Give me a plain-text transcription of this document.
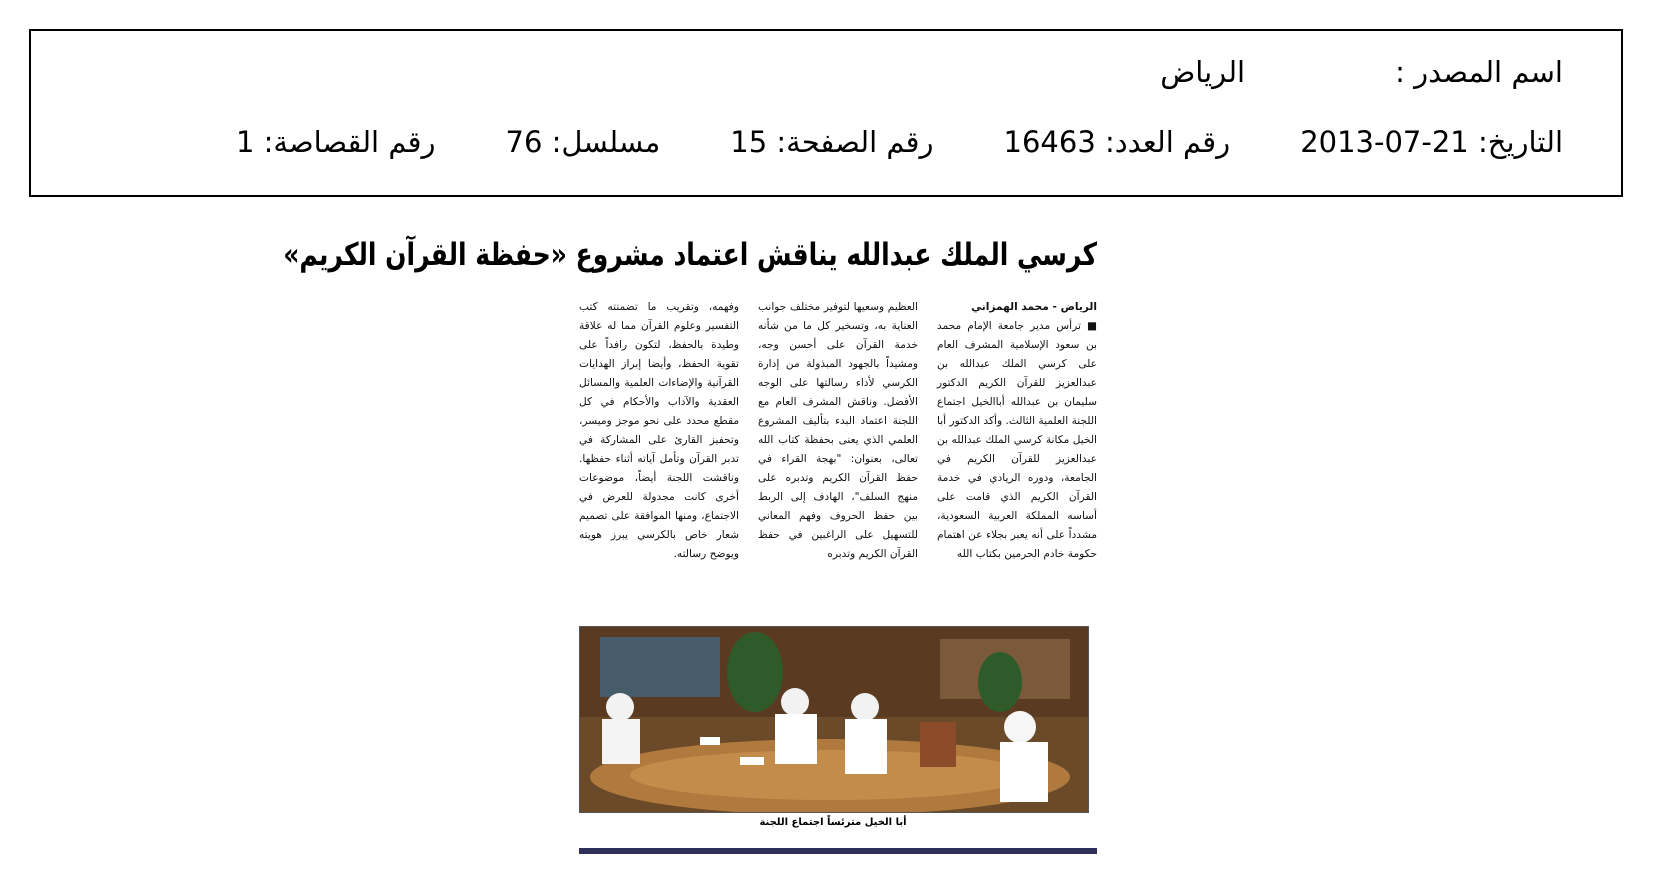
اسم المصدر :الرياض
التاريخ: 2013-07-21رقم العدد: 16463رقم الصفحة: 15مسلسل: 76رقم القصاصة: 1
كرسي الملك عبدالله يناقش اعتماد مشروع «حفظة القرآن الكريم»
الرياض - محمد الهمزاني
■ ترأس مدير جامعة الإمام محمد بن سعود الإسلامية المشرف العام على كرسي الملك عبدالله بن عبدالعزيز للقرآن الكريم الدكتور سليمان بن عبدالله أباالخيل اجتماع اللجنة العلمية الثالث. وأكد الدكتور أبا الخيل مكانة كرسي الملك عبدالله بن عبدالعزيز للقرآن الكريم في الجامعة، ودوره الريادي في خدمة القرآن الكريم الذي قامت على أساسه المملكة العربية السعودية، مشدداً على أنه يعبر بجلاء عن اهتمام حكومة خادم الحرمين بكتاب الله
العظيم وسعيها لتوفير مختلف جوانب العناية به، وتسخير كل ما من شأنه خدمة القرآن على أحسن وجه، ومشيداً بالجهود المبذولة من إدارة الكرسي لأداء رسالتها على الوجه الأفضل. وناقش المشرف العام مع اللجنة اعتماد البدء بتأليف المشروع العلمي الذي يعنى بحفظة كتاب الله تعالى، بعنوان: "بهجة القراء في حفظ القرآن الكريم وتدبره على منهج السلف"، الهادف إلى الربط بين حفظ الحروف وفهم المعاني للتسهيل على الراغبين في حفظ القرآن الكريم وتدبره
وفهمه، وتقريب ما تضمنته كتب التفسير وعلوم القرآن مما له علاقة وطيدة بالحفظ، لتكون رافداً على تقوية الحفظ، وأيضا إبراز الهدايات القرآنية والإضاءات العلمية والمسائل العقدية والآداب والأحكام في كل مقطع محدد على نحو موجز وميسر، وتحفيز القارئ على المشاركة في تدبر القرآن وتأمل آياته أثناء حفظها. وناقشت اللجنة أيضاً، موضوعات أخرى كانت مجدولة للعرض في الاجتماع، ومنها الموافقة على تصميم شعار خاص بالكرسي يبرز هويته ويوضح رسالته.
أبا الخيل مترئساً اجتماع اللجنة
